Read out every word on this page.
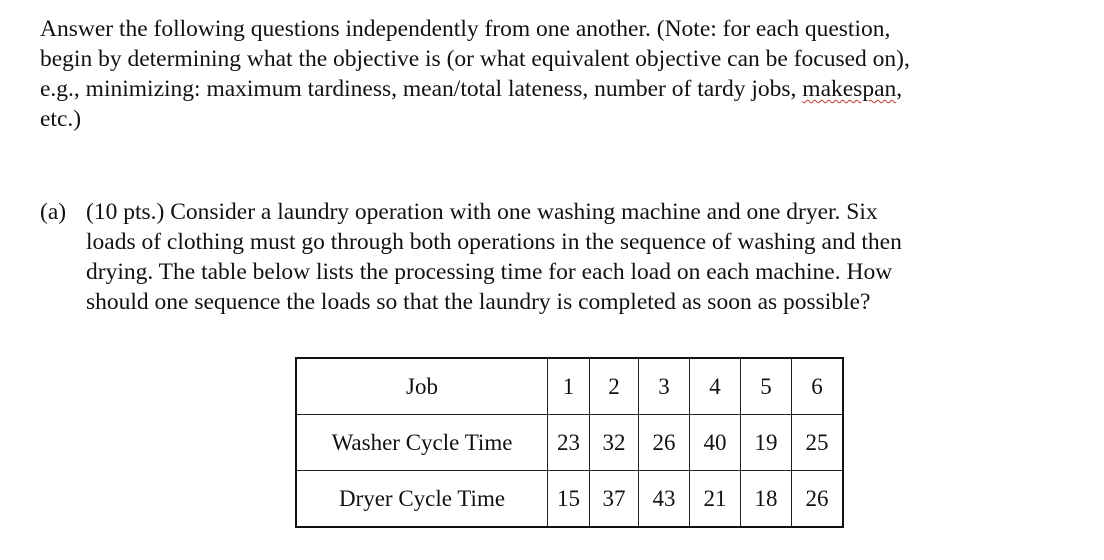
Answer the following questions independently from one another. (Note: for each question,
begin by determining what the objective is (or what equivalent objective can be focused on),
e.g., minimizing: maximum tardiness, mean/total lateness, number of tardy jobs, makespan,
etc.)
(a) (10 pts.) Consider a laundry operation with one washing machine and one dryer. Six
loads of clothing must go through both operations in the sequence of washing and then
drying. The table below lists the processing time for each load on each machine. How
should one sequence the loads so that the laundry is completed as soon as possible?
Job	1	2	3	4	5	6
Washer Cycle Time	23	32	26	40	19	25
Dryer Cycle Time	15	37	43	21	18	26
